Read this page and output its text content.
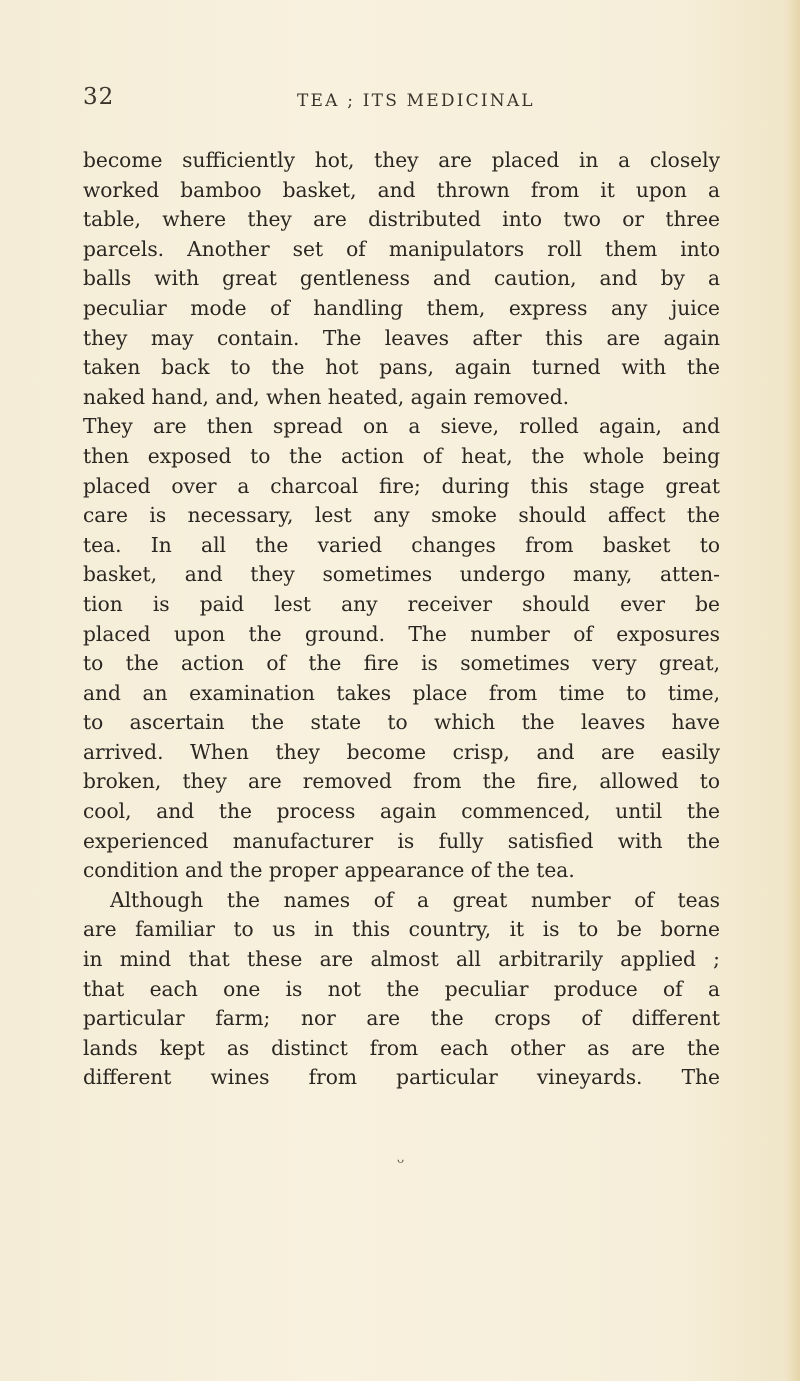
32	TEA ; ITS MEDICINAL
become sufficiently hot, they are placed in a closely
worked bamboo basket, and thrown from it upon a
table, where they are distributed into two or three
parcels. Another set of manipulators roll them into
balls with great gentleness and caution, and by a
peculiar mode of handling them, express any juice
they may contain. The leaves after this are again
taken back to the hot pans, again turned with the
naked hand, and, when heated, again removed.
They are then spread on a sieve, rolled again, and
then exposed to the action of heat, the whole being
placed over a charcoal fire; during this stage great
care is necessary, lest any smoke should affect the
tea. In all the varied changes from basket to
basket, and they sometimes undergo many, atten-
tion is paid lest any receiver should ever be
placed upon the ground. The number of exposures
to the action of the fire is sometimes very great,
and an examination takes place from time to time,
to ascertain the state to which the leaves have
arrived. When they become crisp, and are easily
broken, they are removed from the fire, allowed to
cool, and the process again commenced, until the
experienced manufacturer is fully satisfied with the
condition and the proper appearance of the tea.
Although the names of a great number of teas
are familiar to us in this country, it is to be borne
in mind that these are almost all arbitrarily applied ;
that each one is not the peculiar produce of a
particular farm; nor are the crops of different
lands kept as distinct from each other as are the
different wines from particular vineyards. The
ᴗ
